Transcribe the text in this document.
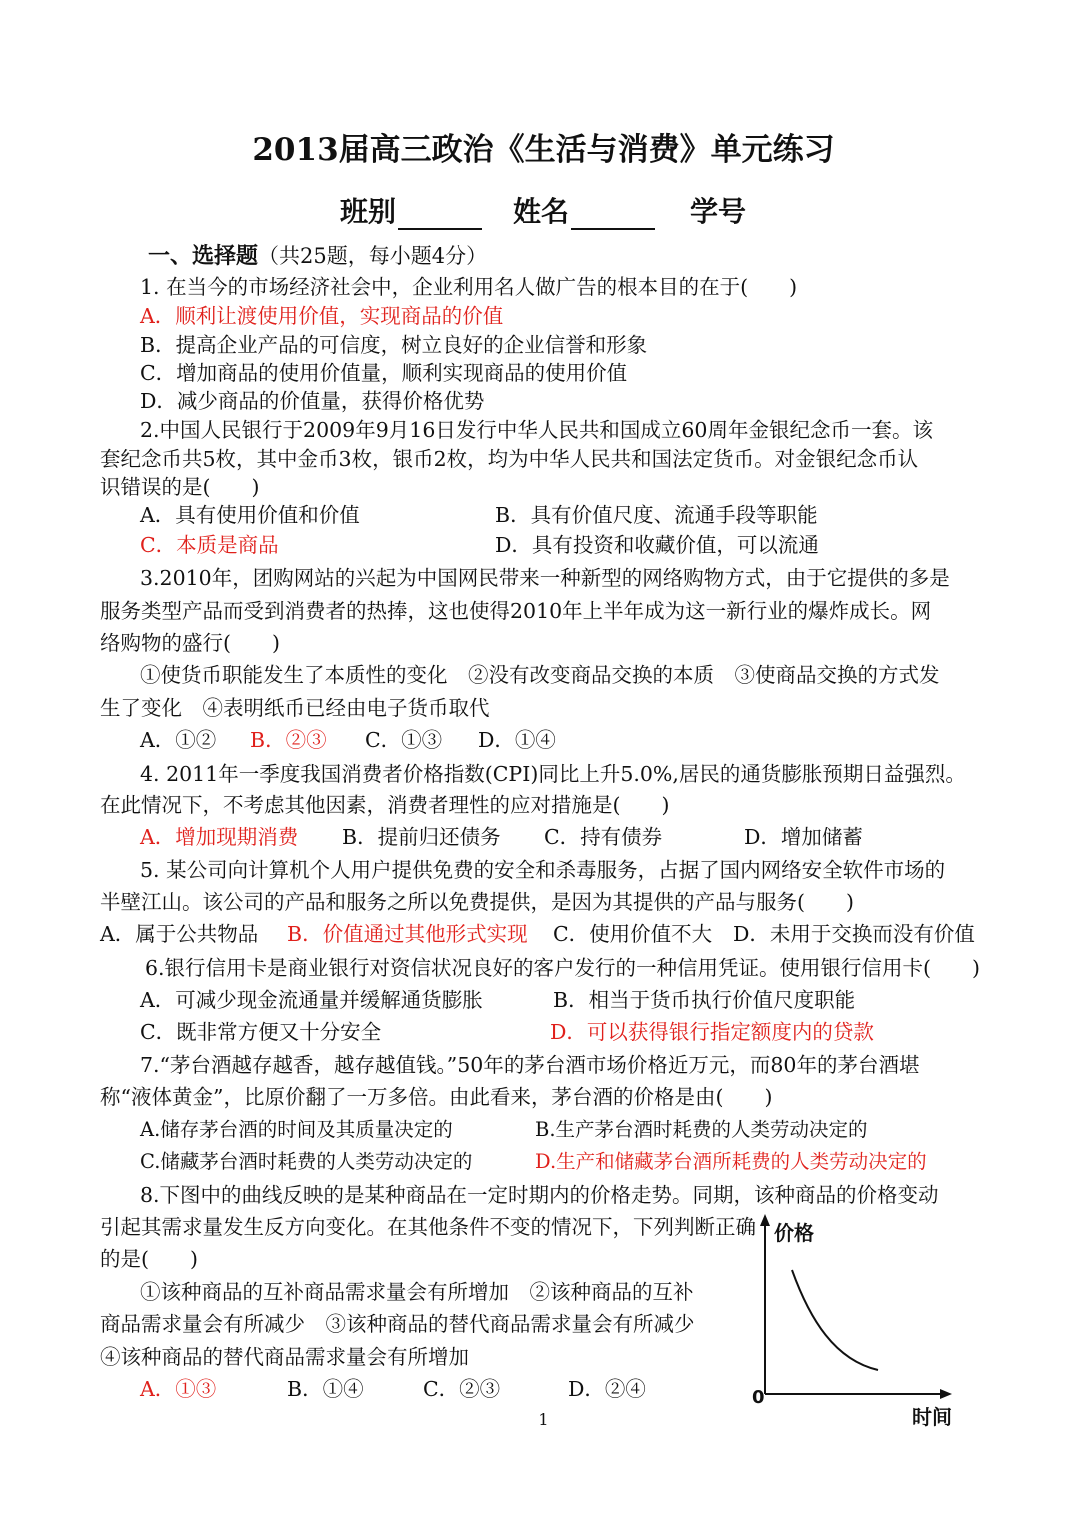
2013届高三政治《生活与消费》单元练习
班别	姓名	学号
一、选择题（共25题，每小题4分）
1. 在当今的市场经济社会中，企业利用名人做广告的根本目的在于(　　)
A．顺利让渡使用价值，实现商品的价值
B．提高企业产品的可信度，树立良好的企业信誉和形象
C．增加商品的使用价值量，顺利实现商品的使用价值
D．减少商品的价值量，获得价格优势
2.中国人民银行于2009年9月16日发行中华人民共和国成立60周年金银纪念币一套。该
套纪念币共5枚，其中金币3枚，银币2枚，均为中华人民共和国法定货币。对金银纪念币认
识错误的是(　　)
A．具有使用价值和价值	B．具有价值尺度、流通手段等职能
C．本质是商品	D．具有投资和收藏价值，可以流通
3.2010年，团购网站的兴起为中国网民带来一种新型的网络购物方式，由于它提供的多是
服务类型产品而受到消费者的热捧，这也使得2010年上半年成为这一新行业的爆炸成长。网
络购物的盛行(　　)
①使货币职能发生了本质性的变化　②没有改变商品交换的本质　③使商品交换的方式发
生了变化　④表明纸币已经由电子货币取代
A．①② B．②③ C．①③ D．①④
4. 2011年一季度我国消费者价格指数(CPI)同比上升5.0%,居民的通货膨胀预期日益强烈。
在此情况下，不考虑其他因素，消费者理性的应对措施是(　　)
A．增加现期消费 B．提前归还债务 C．持有债券	D．增加储蓄
5. 某公司向计算机个人用户提供免费的安全和杀毒服务，占据了国内网络安全软件市场的
半壁江山。该公司的产品和服务之所以免费提供，是因为其提供的产品与服务(　　)
A．属于公共物品 B．价值通过其他形式实现 C．使用价值不大 D．未用于交换而没有价值
6.银行信用卡是商业银行对资信状况良好的客户发行的一种信用凭证。使用银行信用卡(　　)
A．可减少现金流通量并缓解通货膨胀	B．相当于货币执行价值尺度职能
C．既非常方便又十分安全	D．可以获得银行指定额度内的贷款
7.“茅台酒越存越香，越存越值钱。”50年的茅台酒市场价格近万元，而80年的茅台酒堪
称“液体黄金”，比原价翻了一万多倍。由此看来，茅台酒的价格是由(　　)
A.储存茅台酒的时间及其质量决定的	B.生产茅台酒时耗费的人类劳动决定的
C.储藏茅台酒时耗费的人类劳动决定的	D.生产和储藏茅台酒所耗费的人类劳动决定的
8.下图中的曲线反映的是某种商品在一定时期内的价格走势。同期，该种商品的价格变动
引起其需求量发生反方向变化。在其他条件不变的情况下，下列判断正确
的是(　　)
①该种商品的互补商品需求量会有所增加　②该种商品的互补
商品需求量会有所减少　③该种商品的替代商品需求量会有所减少
④该种商品的替代商品需求量会有所增加
A．①③	B．①④	C．②③	D．②④
价格
0
时间
1
